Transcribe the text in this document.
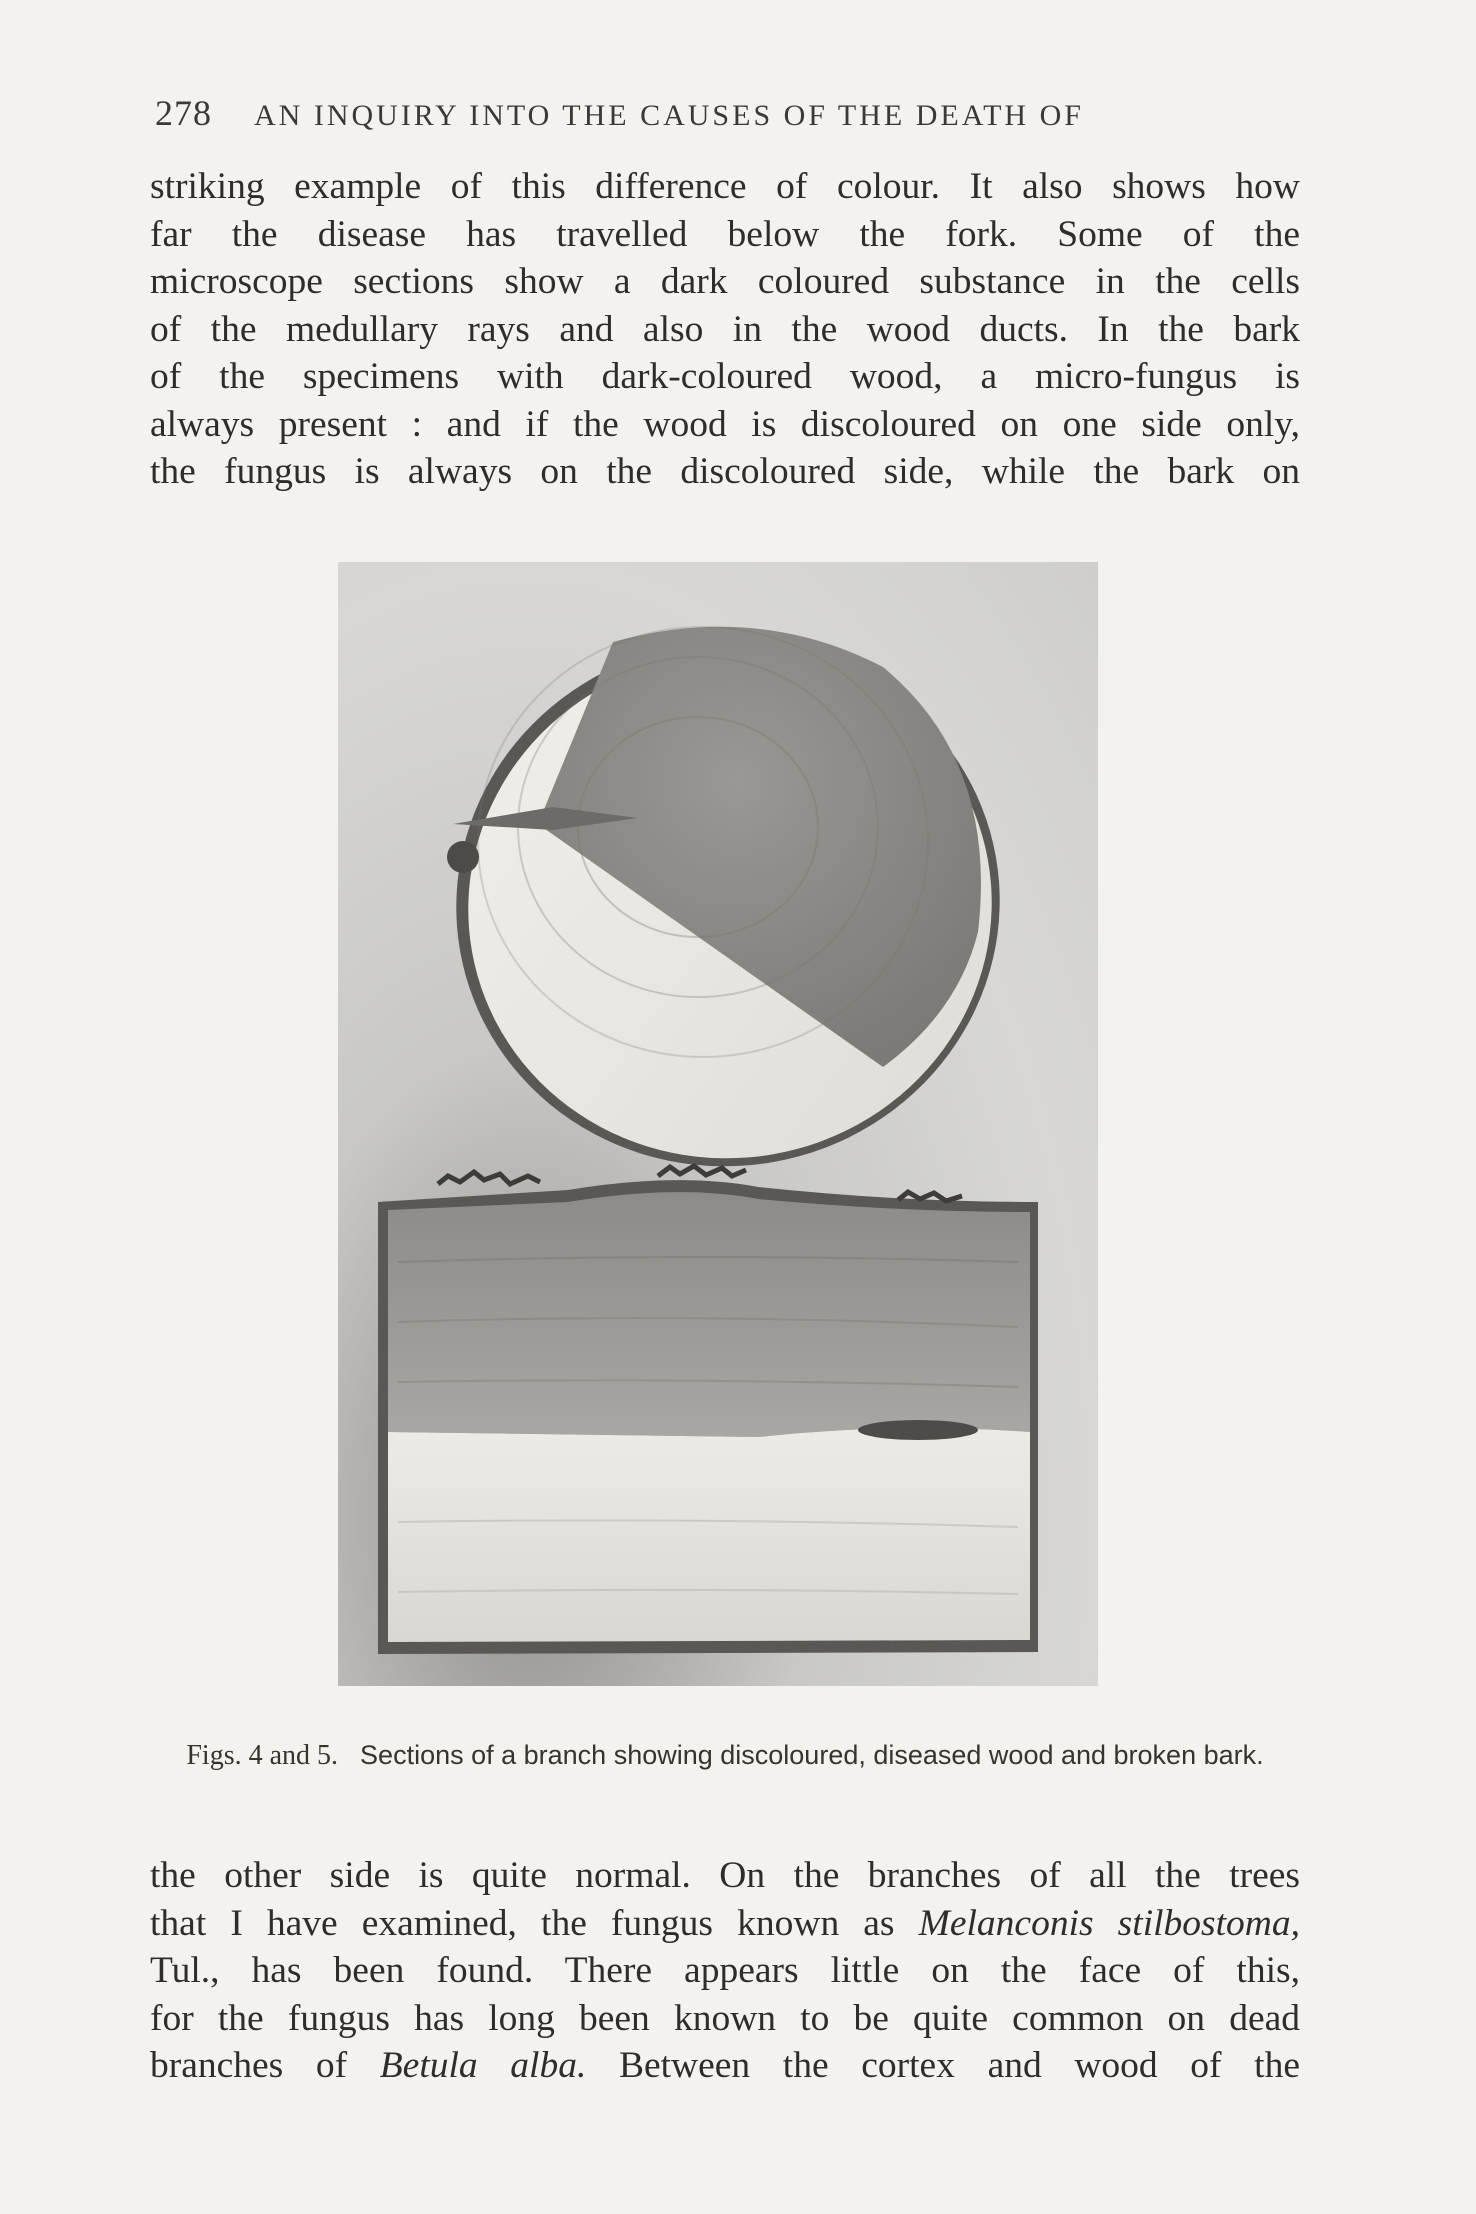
278 AN INQUIRY INTO THE CAUSES OF THE DEATH OF
striking example of this difference of colour. It also shows how
far the disease has travelled below the fork. Some of the
microscope sections show a dark coloured substance in the cells
of the medullary rays and also in the wood ducts. In the bark
of the specimens with dark-coloured wood, a micro-fungus is
always present : and if the wood is discoloured on one side only,
the fungus is always on the discoloured side, while the bark on
Figs. 4 and 5. Sections of a branch showing discoloured, diseased wood and broken bark.
the other side is quite normal. On the branches of all the trees
that I have examined, the fungus known as Melanconis stilbostoma,
Tul., has been found. There appears little on the face of this,
for the fungus has long been known to be quite common on dead
branches of Betula alba. Between the cortex and wood of the
